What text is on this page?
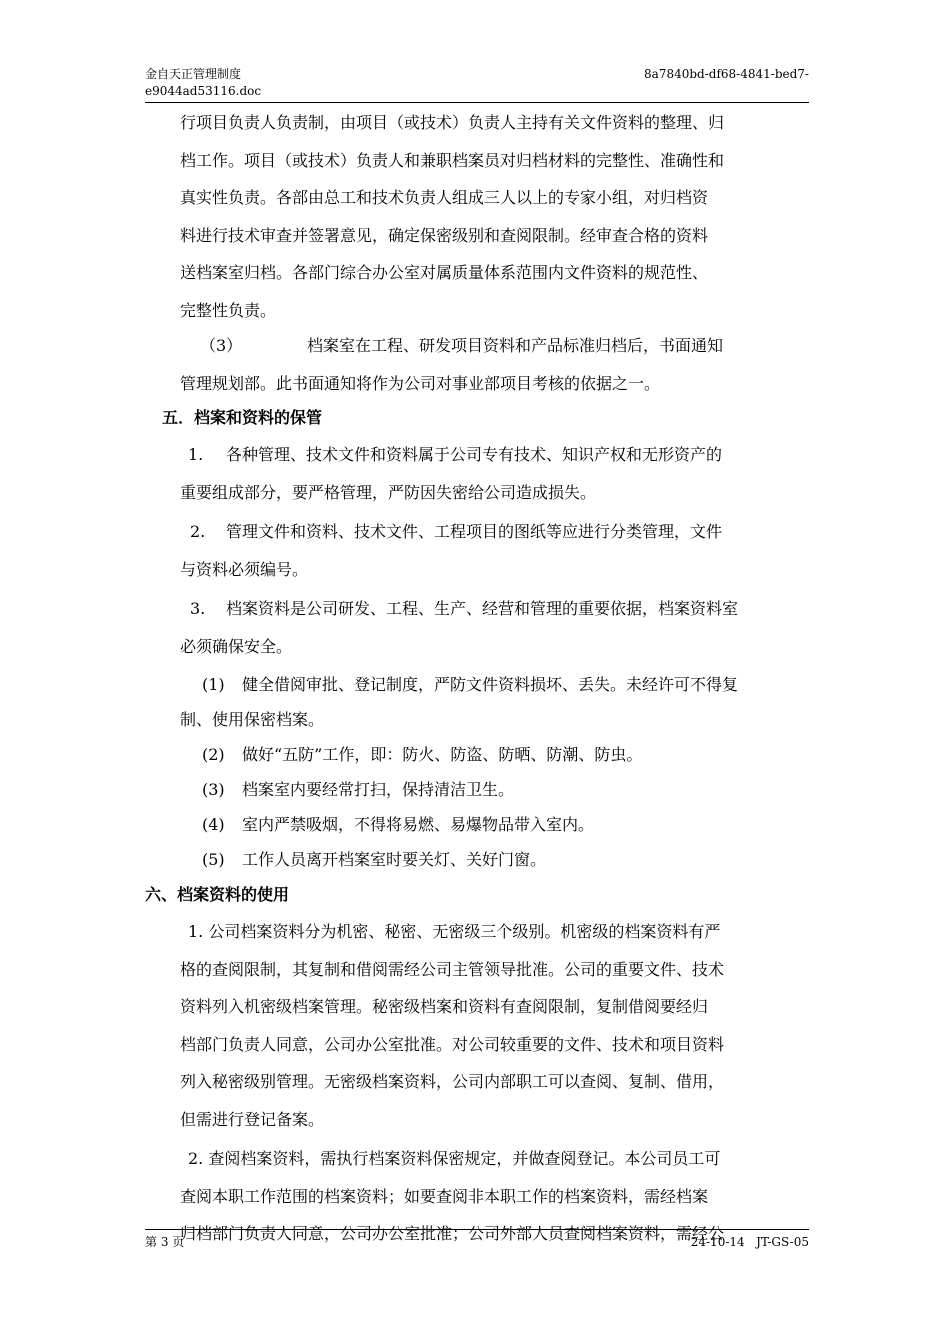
金自天正管理制度
e9044ad53116.doc
8a7840bd-df68-4841-bed7-

行项目负责人负责制，由项目（或技术）负责人主持有关文件资料的整理、归

档工作。项目（或技术）负责人和兼职档案员对归档材料的完整性、准确性和

真实性负责。各部由总工和技术负责人组成三人以上的专家小组，对归档资

料进行技术审查并签署意见，确定保密级别和查阅限制。经审查合格的资料

送档案室归档。各部门综合办公室对属质量体系范围内文件资料的规范性、

完整性负责。

（3）	档案室在工程、研发项目资料和产品标准归档后，书面通知

管理规划部。此书面通知将作为公司对事业部项目考核的依据之一。

五．档案和资料的保管

1. 各种管理、技术文件和资料属于公司专有技术、知识产权和无形资产的

重要组成部分，要严格管理，严防因失密给公司造成损失。

2. 管理文件和资料、技术文件、工程项目的图纸等应进行分类管理，文件

与资料必须编号。

3. 档案资料是公司研发、工程、生产、经营和管理的重要依据，档案资料室

必须确保安全。

(1) 健全借阅审批、登记制度，严防文件资料损坏、丢失。未经许可不得复

制、使用保密档案。

(2) 做好“五防”工作，即：防火、防盗、防晒、防潮、防虫。

(3) 档案室内要经常打扫，保持清洁卫生。

(4) 室内严禁吸烟，不得将易燃、易爆物品带入室内。

(5) 工作人员离开档案室时要关灯、关好门窗。

六、档案资料的使用

1. 公司档案资料分为机密、秘密、无密级三个级别。机密级的档案资料有严

格的查阅限制，其复制和借阅需经公司主管领导批准。公司的重要文件、技术

资料列入机密级档案管理。秘密级档案和资料有查阅限制，复制借阅要经归

档部门负责人同意，公司办公室批准。对公司较重要的文件、技术和项目资料

列入秘密级别管理。无密级档案资料，公司内部职工可以查阅、复制、借用，

但需进行登记备案。

2. 查阅档案资料，需执行档案资料保密规定，并做查阅登记。本公司员工可

查阅本职工作范围的档案资料；如要查阅非本职工作的档案资料，需经档案

归档部门负责人同意，公司办公室批准；公司外部人员查阅档案资料，需经公

第 3 页	24-10-14   JT-GS-05
